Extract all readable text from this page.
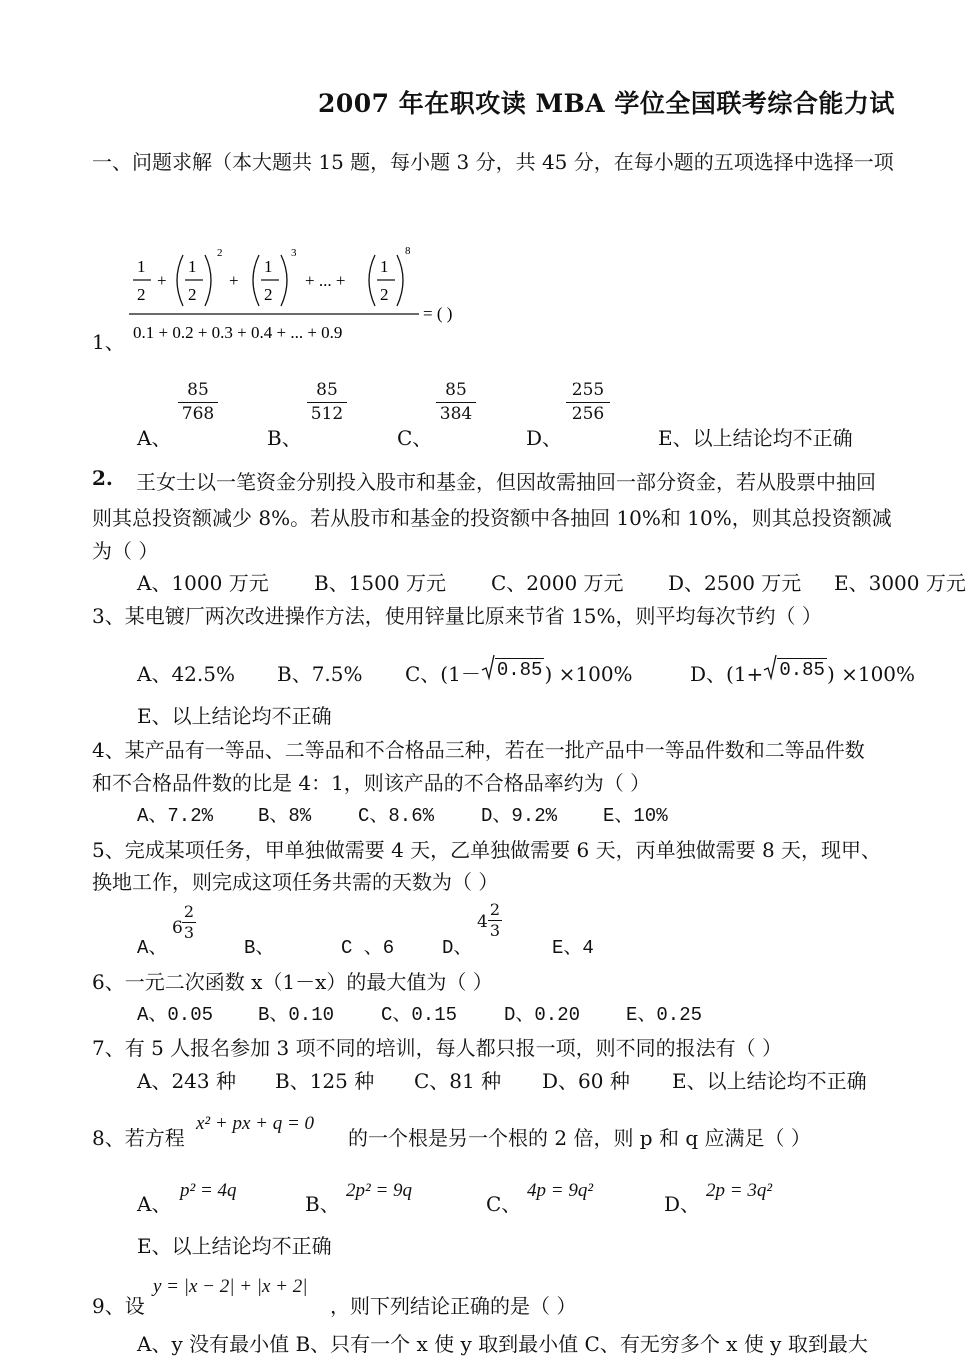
2007 年在职攻读 MBA 学位全国联考综合能力试
一、问题求解（本大题共 15 题，每小题 3 分，共 45 分，在每小题的五项选择中选择一项
1、
1
2
+
1
2
2
+
1
2
3
+ ... +
1
2
8
0.1 + 0.2 + 0.3 + 0.4 + ... + 0.9
= ( )
A、
85
768
B、
85
512
C、
85
384
D、
255
256
E、以上结论均不正确
2. 王女士以一笔资金分别投入股市和基金，但因故需抽回一部分资金，若从股票中抽回
则其总投资额减少 8%。若从股市和基金的投资额中各抽回 10%和 10%，则其总投资额减
为（ ）
A、1000 万元 B、1500 万元 C、2000 万元 D、2500 万元 E、3000 万元
3、某电镀厂两次改进操作方法，使用锌量比原来节省 15%，则平均每次节约（ ）
A、42.5% B、7.5% C、(1－ 0.85 ) ×100%	D、(1+ 0.85 ) ×100%
E、以上结论均不正确
4、某产品有一等品、二等品和不合格品三种，若在一批产品中一等品件数和二等品件数
和不合格品件数的比是 4：1，则该产品的不合格品率约为（ ）
A、7.2% B、8% C、8.6% D、9.2% E、10%
5、完成某项任务，甲单独做需要 4 天，乙单独做需要 6 天，丙单独做需要 8 天，现甲、
换地工作，则完成这项任务共需的天数为（ ）
A、
6
2
3
B、	C 、6	D、
4
2
3
E、4
6、一元二次函数 x（1－x）的最大值为（ ）
A、0.05 B、0.10 C、0.15 D、0.20 E、0.25
7、有 5 人报名参加 3 项不同的培训，每人都只报一项，则不同的报法有（ ）
A、243 种 B、125 种 C、81 种 D、60 种 E、以上结论均不正确
8、若方程
x² + px + q = 0
的一个根是另一个根的 2 倍，则 p 和 q 应满足（ ）
A、
p² = 4q
B、
2p² = 9q
C、
4p = 9q²
D、
2p = 3q²
E、以上结论均不正确
9、设
y = |x − 2| + |x + 2|
，则下列结论正确的是（ ）
A、y 没有最小值 B、只有一个 x 使 y 取到最小值 C、有无穷多个 x 使 y 取到最大
